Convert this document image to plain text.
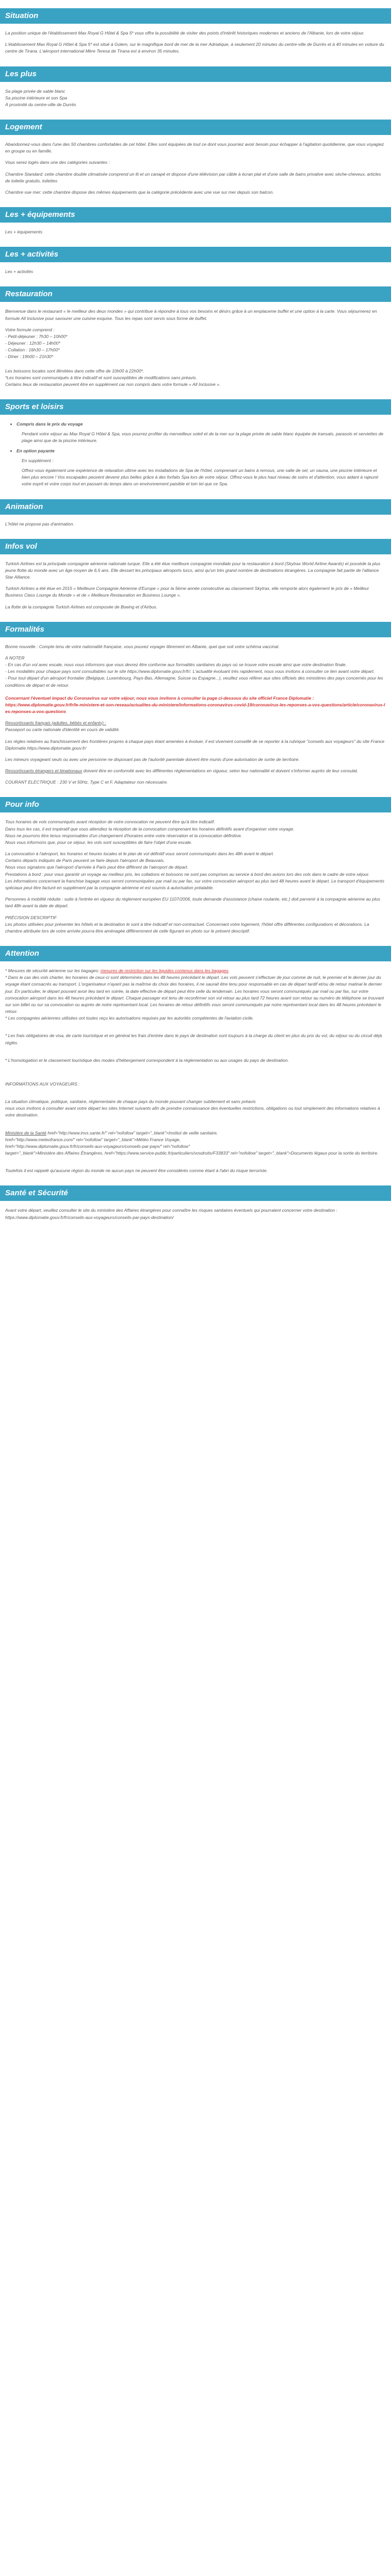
Situation

La position unique de l'établissement Max Royal G Hôtel & Spa 5* vous offre la possibilité de visiter des points d'intérêt historiques modernes et anciens de l'Albanie, lors de votre séjour.

L'établissement Max Royal G Hôtel & Spa 5* est situé à Golem, sur le magnifique bord de mer de la mer Adriatique, à seulement 20 minutes du centre-ville de Durrës et à 40 minutes en voiture du centre de Tirana. L'aéroport international Mère Teresa de Tirana est à environ 35 minutes.

Les plus
Sa plage privée de sable blanc
Sa piscine intérieure et son Spa
À proximité du centre-ville de Durrës
Logement

Abandonnez-vous dans l'une des 50 chambres confortables de cet hôtel. Elles sont équipées de tout ce dont vous pourriez avoir besoin pour échapper à l'agitation quotidienne, que vous voyagiez en groupe ou en famille.

Vous serez logés dans une des catégories suivantes :

Chambre Standard: cette chambre double climatisée comprend un lit et un canapé et dispose d'une télévision par câble à écran plat et d'une salle de bains privative avec sèche-cheveux, articles de toilette gratuits, toilettes

Chambre vue mer: cette chambre dispose des mêmes équipements que la catégorie précédente avec une vue sur mer depuis son balcon.

Les + équipements

Les + équipements

Les + activités

Les + activités

Restauration

Bienvenue dans le restaurant « le meilleur des deux mondes » qui contribue à répondre à tous vos besoins et désirs grâce à un emplaceme buffet et une option à la carte. Vous séjournerez en formule All Inclusive pour savourer une cuisine exquise. Tous les repas sont servis sous forme de buffet.

Votre formule comprend :
- Petit-déjeuner : 7h30 – 10h00*
- Déjeuner : 12h30 – 14h00*
- Collation : 16h30 – 17h00*
- Dîner : 19h00 – 21h30*

Les boissons locales sont illimitées dans cette offre de 10h00 à 22h00*.

*Les horaires sont communiqués à titre indicatif et sont susceptibles de modifications sans préavis.
Certains lieux de restauration peuvent être en supplément car non compris dans votre formule « All Inclusive ».
Sports et loisirs
• Compris dans le prix du voyage
Pendant votre séjour au Max Royal G Hôtel & Spa, vous pourrez profiter du merveilleux soleil et de la mer sur la plage privée de sable blanc équipée de transats, parasols et serviettes de plage ainsi que de la piscine intérieure.
• En option payante
En supplément :
Offrez-vous également une expérience de relaxation ultime avec les installations de Spa de l'hôtel, comprenant un bains à remous, une salle de sel, un sauna, une piscine intérieure et bien plus encore ! Vos escapades peuvent devenir plus belles grâce à des forfaits Spa lors de votre séjour. Offrez-vous le plus haut niveau de soins et d'attention, vous aidant à rajeunir votre esprit et votre corps tout en passant du temps dans un environnement paisible et loin tel que ce Spa.
Animation

L'hôtel ne propose pas d'animation.

Infos vol

Turkish Airlines est la principale compagnie aérienne nationale turque. Elle a été élue meilleure compagnie mondiale pour la restauration à bord (Skytrax World Airline Awards) et possède la plus jeune flotte du monde avec un âge moyen de 6,5 ans. Elle dessert les principaux aéroports turcs, ainsi qu'un très grand nombre de destinations étrangères. La compagnie fait partie de l'alliance Star Alliance.

Turkish Airlines a été élue en 2015 « Meilleure Compagnie Aérienne d'Europe » pour la 5ème année consécutive au classement Skytrax, elle remporte alors également le prix de « Meilleur Business Class Lounge du Monde » et de « Meilleure Restauration en Business Lounge ».

La flotte de la compagnie Turkish Airlines est composée de Boeing et d'Airbus.

Formalités

Bonne nouvelle : Compte tenu de votre nationalité française, vous pouvez voyager librement en Albanie, quel que soit votre schéma vaccinal.

A NOTER
- En cas d'un vol avec escale, nous vous informons que vous devrez être conforme aux formalités sanitaires du pays où se trouve votre escale ainsi que votre destination finale.
- Les modalités pour chaque pays sont consultables sur le site https://www.diplomatie.gouv.fr/fr/. L'actualité évoluant très rapidement, nous vous invitons à consulter ce lien avant votre départ.
- Pour tout départ d'un aéroport frontalier (Belgique, Luxembourg, Pays-Bas, Allemagne, Suisse ou Espagne...), veuillez vous référer aux sites officiels des ministères des pays concernés pour les conditions de départ et de retour.
Concernant l'éventuel impact du Coronavirus sur votre séjour, nous vous invitons à consulter la page ci-dessous du site officiel France Diplomatie :

https://www.diplomatie.gouv.fr/fr/le-ministere-et-son-reseau/actualites-du-ministere/informations-coronavirus-covid-19/coronavirus-les-reponses-a-vos-questions/article/coronavirus-les-reponses-a-vos-questions

Ressortissants français (adultes, bébés et enfants) :

Passeport ou carte nationale d'identité en cours de validité.

Les règles relatives au franchissement des frontières propres à chaque pays étant amenées à évoluer, il est vivement conseillé de se reporter à la rubrique "conseils aux voyageurs" du site France Diplomatie.https://www.diplomatie.gouv.fr/

Les mineurs voyageant seuls ou avec une personne ne disposant pas de l'autorité parentale doivent être munis d'une autorisation de sortie de territoire.

Ressortissants étrangers et binationaux doivent être en conformité avec les différentes réglementations en vigueur, selon leur nationalité et doivent s'informer auprès de leur consulat.

COURANT ELECTRIQUE : 230 V et 50Hz, Type C et F. Adaptateur non nécessaire.

Pour info
Tous horaires de vols communiqués avant réception de votre convocation ne peuvent être qu'à titre indicatif.
Dans tous les cas, il est impératif que vous attendiez la réception de la convocation comprenant les horaires définitifs avant d'organiser votre voyage.
Nous ne pourrons être tenus responsables d'un changement d'horaires entre votre réservation et la convocation définitive.

Nous vous informons que, pour ce séjour, les vols sont susceptibles de faire l'objet d'une escale.

La convocation à l'aéroport, les horaires et heures locales et le plan de vol définitif vous seront communiqués dans les 48h avant le départ.
Certains départs indiqués de Paris peuvent se faire depuis l'aéroport de Beauvais.
Nous vous signalons que l'aéroport d'arrivée à Paris peut être différent de l'aéroport de départ.
Prestations à bord : pour vous garantir un voyage au meilleur prix, les collations et boissons ne sont pas comprises au service à bord des avions lors des vols dans le cadre de votre séjour.

Les informations concernant la franchise bagage vous seront communiquées par mail ou par fax, sur votre convocation aéroport au plus tard 48 heures avant le départ. Le transport d'équipements spéciaux peut être facturé en supplément par la compagnie aérienne et est soumis à autorisation préalable.

Personnes à mobilité réduite : suite à l'entrée en vigueur du règlement européen EU 1107/2006, toute demande d'assistance (chaise roulante, etc.) doit parvenir à la compagnie aérienne au plus tard 48h avant la date de départ.

PRÉCISION DESCRIPTIF

Les photos utilisées pour présenter les hôtels et la destination le sont à titre indicatif et non-contractuel. Concernant votre logement, l'hôtel offre différentes configurations et décorations. La chambre attribuée lors de votre arrivée pourra être aménagée différemment de celle figurant en photo sur le présent descriptif.

Attention
* Mesures de sécurité aérienne sur les bagages: mesures de restriction sur les liquides contenus dans les bagages.
* Dans le cas des vols charter, les horaires de ceux-ci sont déterminés dans les 48 heures précédant le départ. Les vols peuvent s'effectuer de jour comme de nuit, le premier et le dernier jour du voyage étant consacrés au transport. L'organisateur n'ayant pas la maîtrise du choix des horaires, il ne saurait être tenu pour responsable en cas de départ tardif et/ou de retour matinal le dernier jour. En particulier, le départ pouvant avoir lieu tard en soirée, la date effective de départ peut être celle du lendemain. Les horaires vous seront communiqués par mail ou par fax, sur votre convocation aéroport dans les 48 heures précédant le départ. Chaque passager est tenu de reconfirmer son vol retour au plus tard 72 heures avant son retour au numéro de téléphone se trouvant sur son billet ou sur sa convocation ou auprès de notre représentant local. Les horaires de retour définitifs vous seront communiqués par notre représentant local dans les 48 heures précédant le retour.

* Les compagnies aériennes utilisées ont toutes reçu les autorisations requises par les autorités compétentes de l'aviation civile.

* Les frais obligatoires de visa, de carte touristique et en général les frais d'entrée dans le pays de destination sont toujours à la charge du client en plus du prix du vol, du séjour ou du circuit déjà réglés.

* L'homologation et le classement touristique des modes d'hébergement correspondent à la réglementation ou aux usages du pays de destination.

INFORMATIONS AUX VOYAGEURS :

La situation climatique, politique, sanitaire, réglementaire de chaque pays du monde pouvant changer subitement et sans préavis

nous vous invitons à consulter avant votre départ les sites Internet suivants afin de prendre connaissance des éventuelles restrictions, obligations ou tout simplement des informations relatives à votre destination.

Ministère de la Santé href="http://www.invs.sante.fr/" rel="nofollow" target="_blank">Institut de veille sanitaire,
href="http://www.meteofrance.com/" rel="nofollow" target="_blank">Météo France Voyage,
href="http://www.diplomatie.gouv.fr/fr/conseils-aux-voyageurs/conseils-par-pays/" rel="nofollow"

target="_blank">Ministère des Affaires Étrangères, href="https://www.service-public.fr/particuliers/vosdroits/F33833" rel="nofollow" target="_blank">Documents légaux pour la sortie du territoire.

Toutefois il est rappelé qu'aucune région du monde ne aucun pays ne peuvent être considérés comme étant à l'abri du risque terroriste.

Santé et Sécurité

Avant votre départ, veuillez consulter le site du ministère des Affaires étrangères pour connaître les risques sanitaires éventuels qui pourraient concerner votre destination : https://www.diplomatie.gouv.fr/fr/conseils-aux-voyageurs/conseils-par-pays-destination/
